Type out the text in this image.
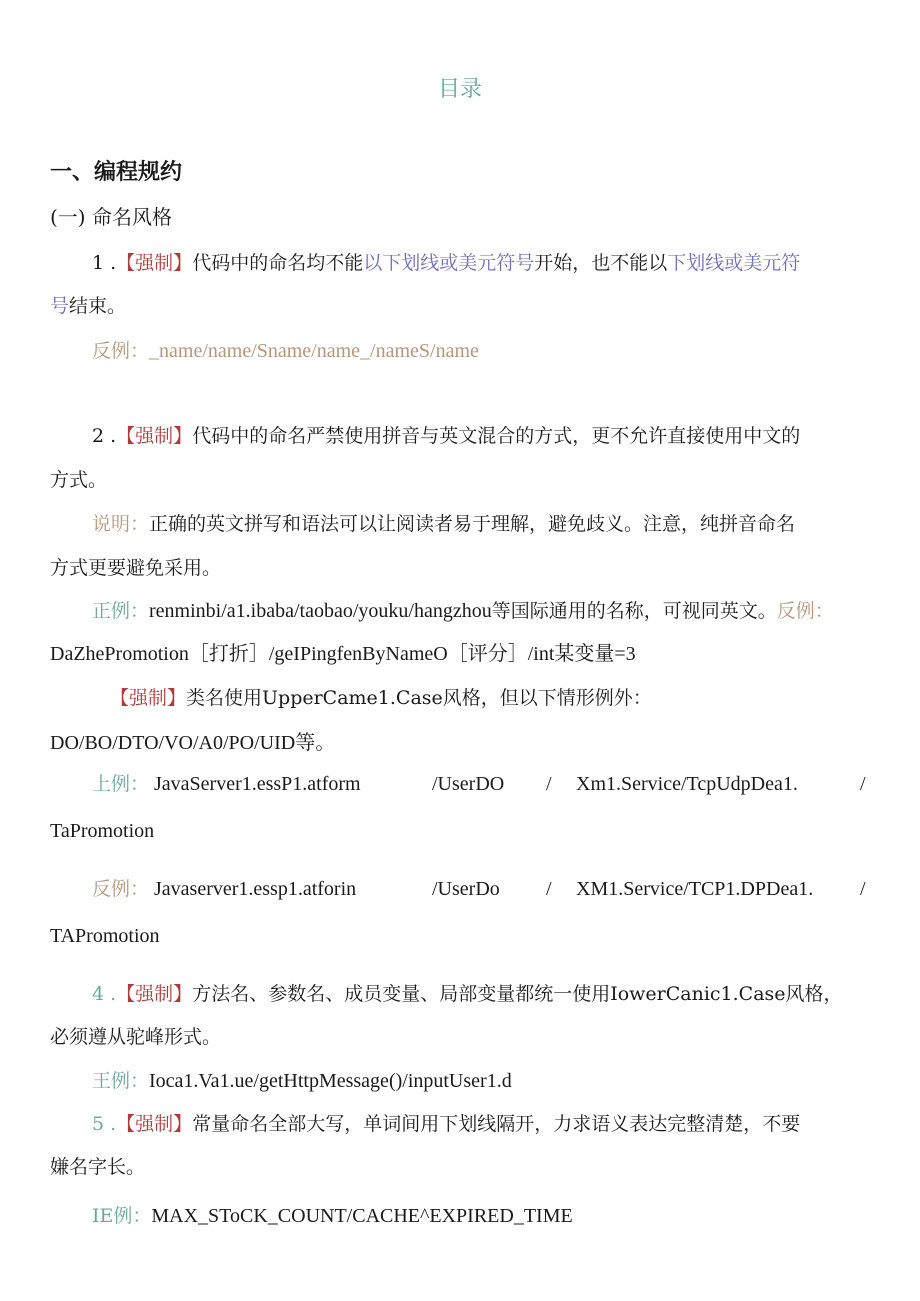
目录
一、编程规约
(一) 命名风格
1 .【强制】代码中的命名均不能以下划线或美元符号开始，也不能以下划线或美元符
号结束。
反例：_name/name/Sname/name_/nameS/name
2 .【强制】代码中的命名严禁使用拼音与英文混合的方式，更不允许直接使用中文的
方式。
说明：正确的英文拼写和语法可以让阅读者易于理解，避免歧义。注意，纯拼音命名
方式更要避免采用。
正例：renminbi/a1.ibaba/taobao/youku/hangzhou等国际通用的名称，可视同英文。反例：
DaZhePromotion［打折］/geIPingfenByNameO［评分］/int某变量=3
【强制】类名使用UpperCame1.Case风格，但以下情形例外：
DO/BO/DTO/VO/A0/PO/UID等。
上例： JavaServer1.essP1.atform	/UserDO / Xm1.Service/TcpUdpDea1.	/
TaPromotion
反例： Javaserver1.essp1.atforin	/UserDo / XM1.Service/TCP1.DPDea1. /
TAPromotion
4 .【强制】方法名、参数名、成员变量、局部变量都统一使用IowerCanic1.Case风格，
必须遵从驼峰形式。
王例：Ioca1.Va1.ue/getHttpMessage()/inputUser1.d
5 .【强制】常量命名全部大写，单词间用下划线隔开，力求语义表达完整清楚，不要
嫌名字长。
IE例：MAX_SToCK_COUNT/CACHE^EXPIRED_TIME
